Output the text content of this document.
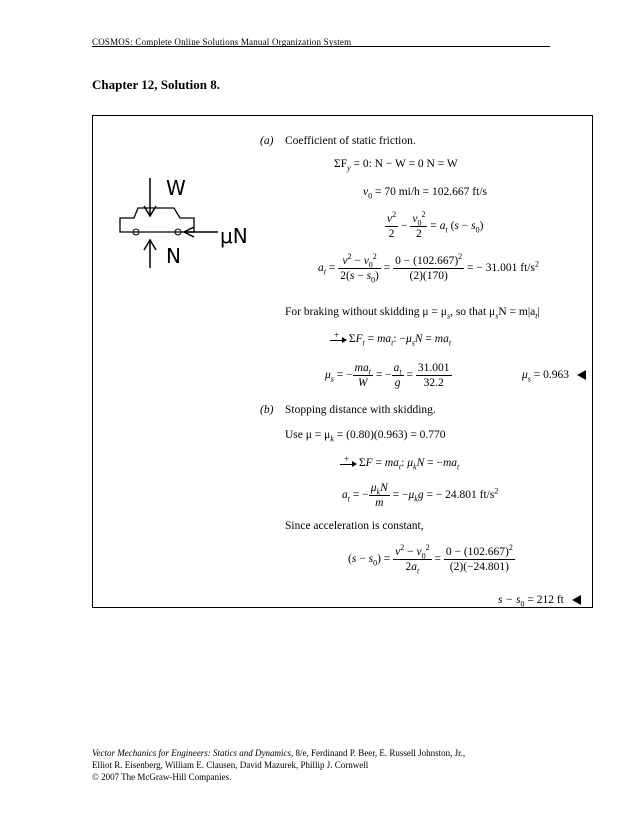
COSMOS: Complete Online Solutions Manual Organization System
Chapter 12, Solution 8.
W
N
μN
(a) Coefficient of static friction.
$\Sigma F_y = 0$: N − W = 0 N = W
$v_0 = 70$ mi/h = 102.667 ft/s
$\frac{v^2}{2} - \frac{v_0^2}{2} = a_t$ $(s - s_0)$
$a_t = \frac{v^2 - v_0^2}{2(s - s_0)} = \frac{0 - (102.667)^2}{(2)(170)}$ = − 31.001 $ft/s^2$
For braking without skidding $\mu = \mu_s$, so that $\mu_sN = m|a_t|$
+ $\Sigma F_t = ma_t$: $-\mu_sN = ma_t$
$\mu_s$ = − $\frac{ma_t}{W}$ = − $\frac{a_t}{g} = \frac{31.001}{32.2}$	$\mu_s = 0.963$
(b) Stopping distance with skidding.
Use $\mu = \mu_k = (0.80)(0.963) = 0.770$
+ $\Sigma F = ma_t$: $\mu_kN = -ma_t$
$a_t$ = − $\frac{\mu_kN}{m} = -\mu_kg$ = − 24.801 $ft/s^2$
Since acceleration is constant,
$(s - s_0) = \frac{v^2 - v_0^2}{2a_t} = \frac{0 - (102.667)^2}{(2)(-24.801)}$
$s - s_0 = 212$ ft
Vector Mechanics for Engineers: Statics and Dynamics, 8/e, Ferdinand P. Beer, E. Russell Johnston, Jr.,
Elliot R. Eisenberg, William E. Clausen, David Mazurek, Phillip J. Cornwell
© 2007 The McGraw-Hill Companies.
